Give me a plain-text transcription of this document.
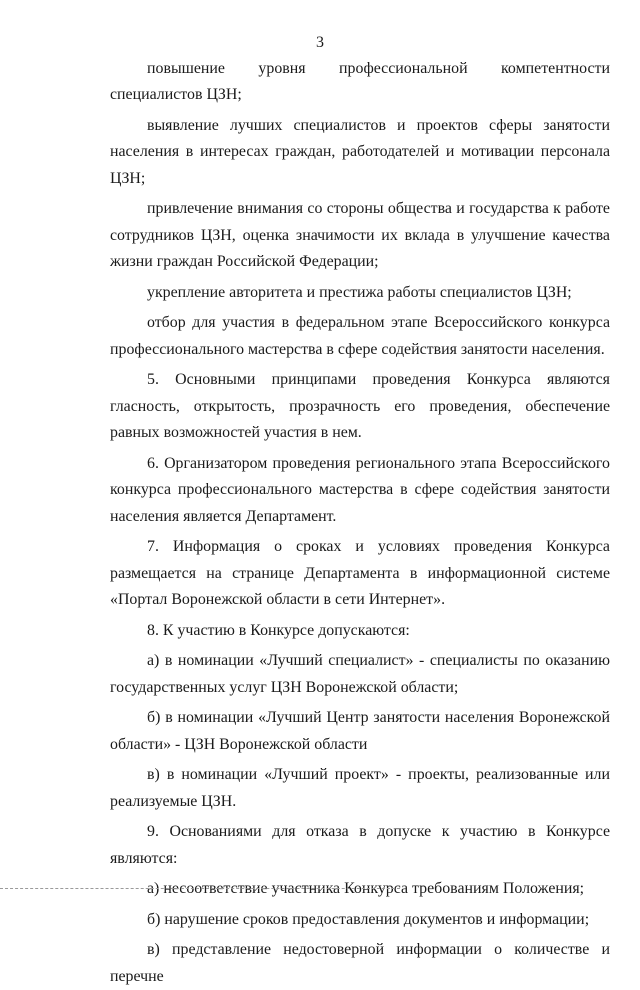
3

повышение уровня профессиональной компетентности специалистов ЦЗН;

выявление лучших специалистов и проектов сферы занятости населения в интересах граждан, работодателей и мотивации персонала ЦЗН;

привлечение внимания со стороны общества и государства к работе сотрудников ЦЗН, оценка значимости их вклада в улучшение качества жизни граждан Российской Федерации;

укрепление авторитета и престижа работы специалистов ЦЗН;

отбор для участия в федеральном этапе Всероссийского конкурса профессионального мастерства в сфере содействия занятости населения.

5. Основными принципами проведения Конкурса являются гласность, открытость, прозрачность его проведения, обеспечение равных возможностей участия в нем.

6. Организатором проведения регионального этапа Всероссийского конкурса профессионального мастерства в сфере содействия занятости населения является Департамент.

7. Информация о сроках и условиях проведения Конкурса размещается на странице Департамента в информационной системе «Портал Воронежской области в сети Интернет».

8. К участию в Конкурсе допускаются:

а) в номинации «Лучший специалист» - специалисты по оказанию государственных услуг ЦЗН Воронежской области;

б) в номинации «Лучший Центр занятости населения Воронежской области» - ЦЗН Воронежской области

в) в номинации «Лучший проект» - проекты, реализованные или реализуемые ЦЗН.

9. Основаниями для отказа в допуске к участию в Конкурсе являются:

а) несоответствие участника Конкурса требованиям Положения;

б) нарушение сроков предоставления документов и информации;

в) представление недостоверной информации о количестве и перечне
